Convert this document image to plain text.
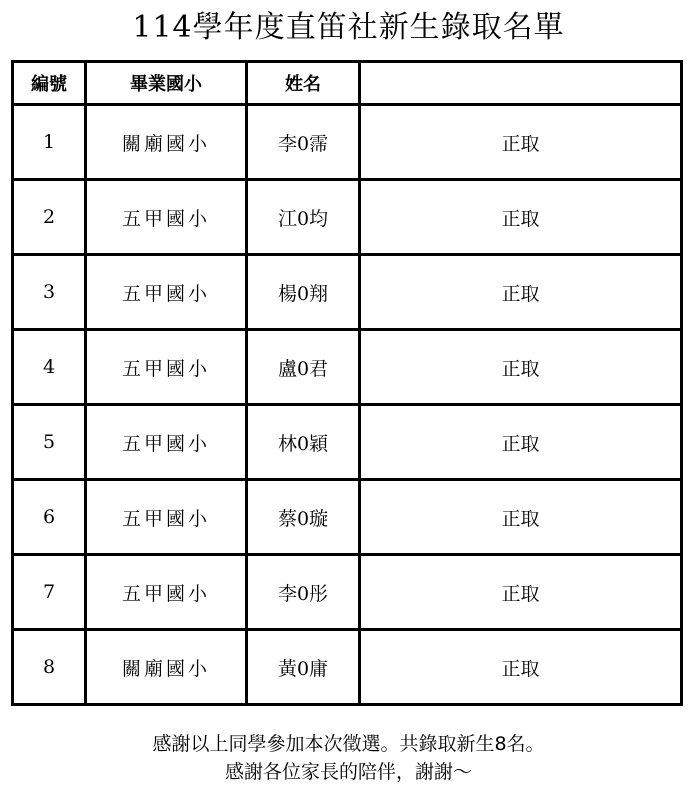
114學年度直笛社新生錄取名單
編號	畢業國小	姓名	
1	關廟國小	李0霈	正取
2	五甲國小	江0均	正取
3	五甲國小	楊0翔	正取
4	五甲國小	盧0君	正取
5	五甲國小	林0穎	正取
6	五甲國小	蔡0璇	正取
7	五甲國小	李0彤	正取
8	關廟國小	黃0庸	正取
感謝以上同學參加本次徵選。共錄取新生8名。
感謝各位家長的陪伴，謝謝～
